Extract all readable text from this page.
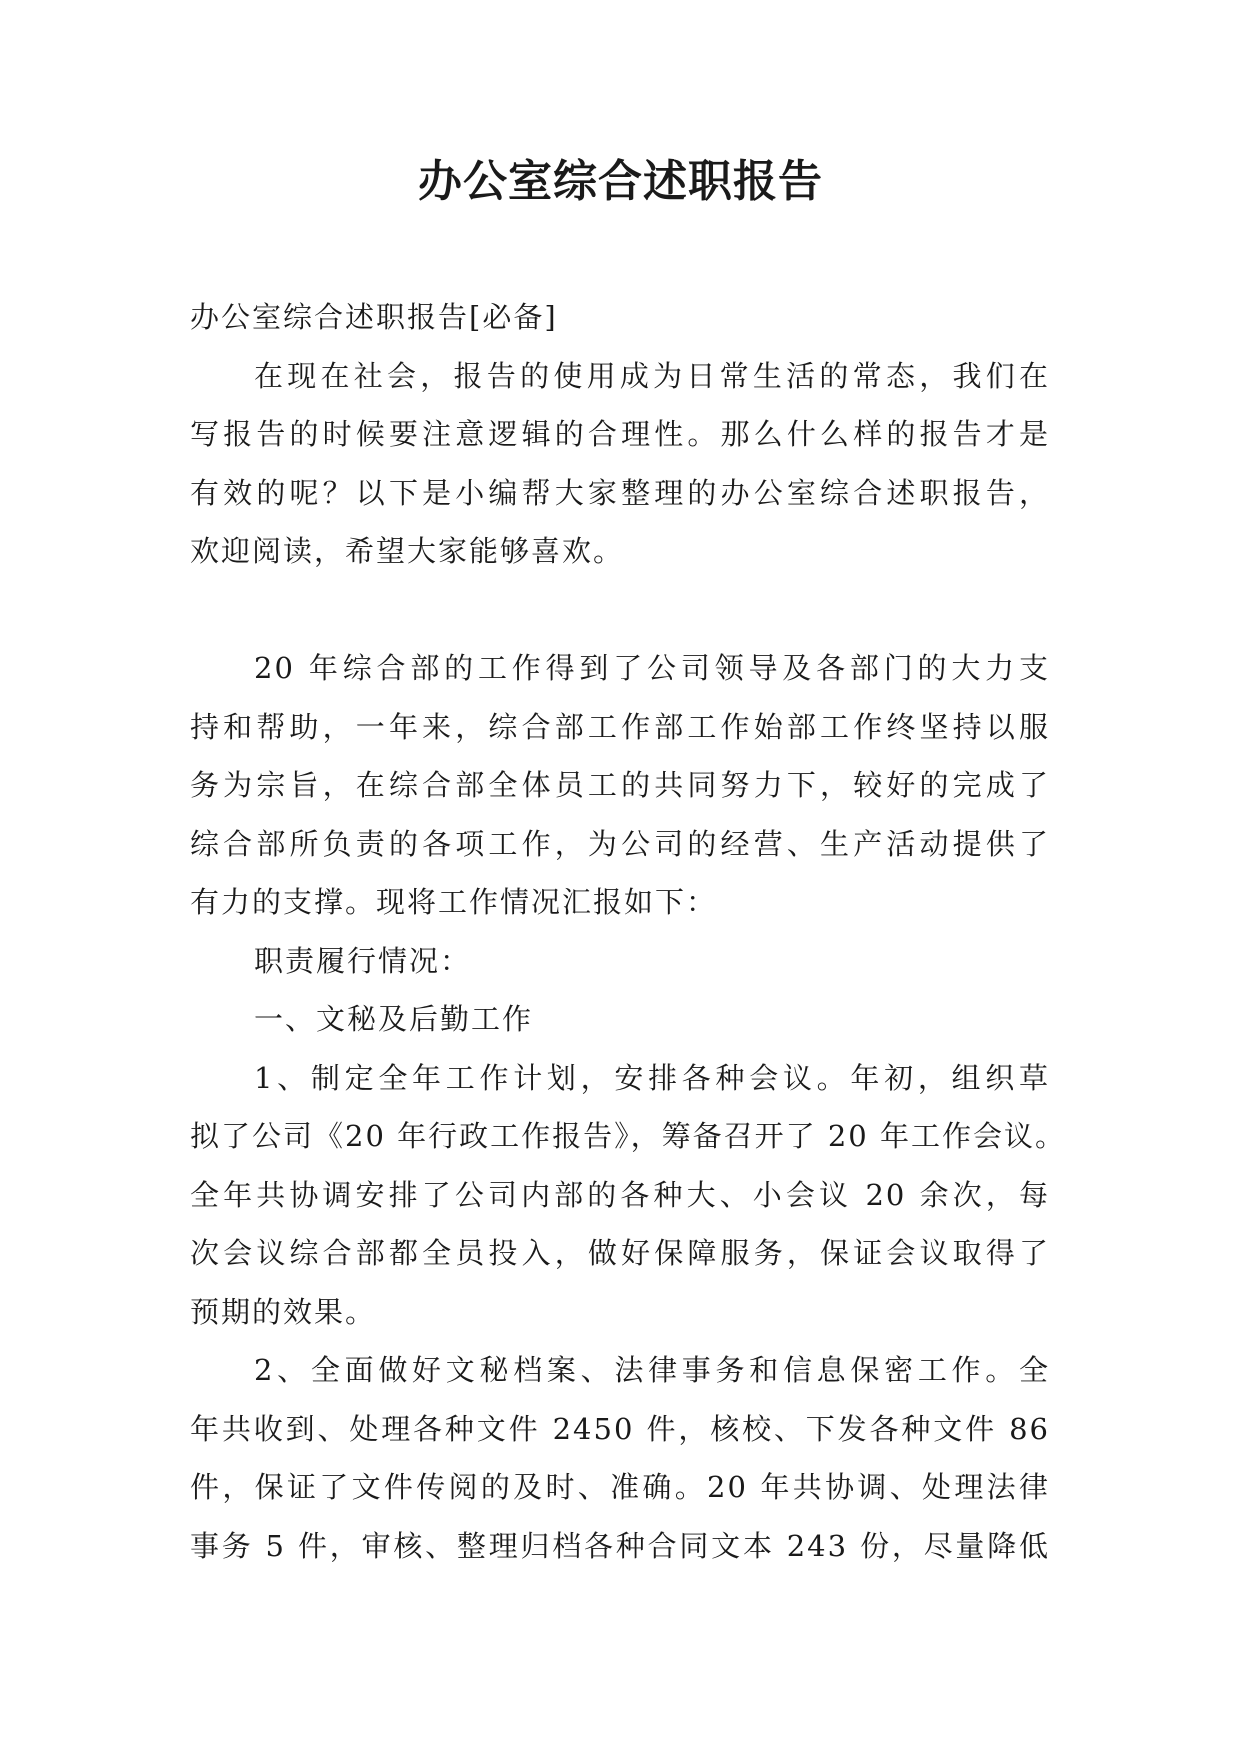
办公室综合述职报告
办公室综合述职报告[必备]
在现在社会，报告的使用成为日常生活的常态，我们在
写报告的时候要注意逻辑的合理性。那么什么样的报告才是
有效的呢？以下是小编帮大家整理的办公室综合述职报告，
欢迎阅读，希望大家能够喜欢。
20 年综合部的工作得到了公司领导及各部门的大力支
持和帮助，一年来，综合部工作部工作始部工作终坚持以服
务为宗旨，在综合部全体员工的共同努力下，较好的完成了
综合部所负责的各项工作，为公司的经营、生产活动提供了
有力的支撑。现将工作情况汇报如下：
职责履行情况：
一、文秘及后勤工作
1、制定全年工作计划，安排各种会议。年初，组织草
拟了公司《20 年行政工作报告》，筹备召开了 20 年工作会议。
全年共协调安排了公司内部的各种大、小会议 20 余次，每
次会议综合部都全员投入，做好保障服务，保证会议取得了
预期的效果。
2、全面做好文秘档案、法律事务和信息保密工作。全
年共收到、处理各种文件 2450 件，核校、下发各种文件 86
件，保证了文件传阅的及时、准确。20 年共协调、处理法律
事务 5 件，审核、整理归档各种合同文本 243 份，尽量降低
